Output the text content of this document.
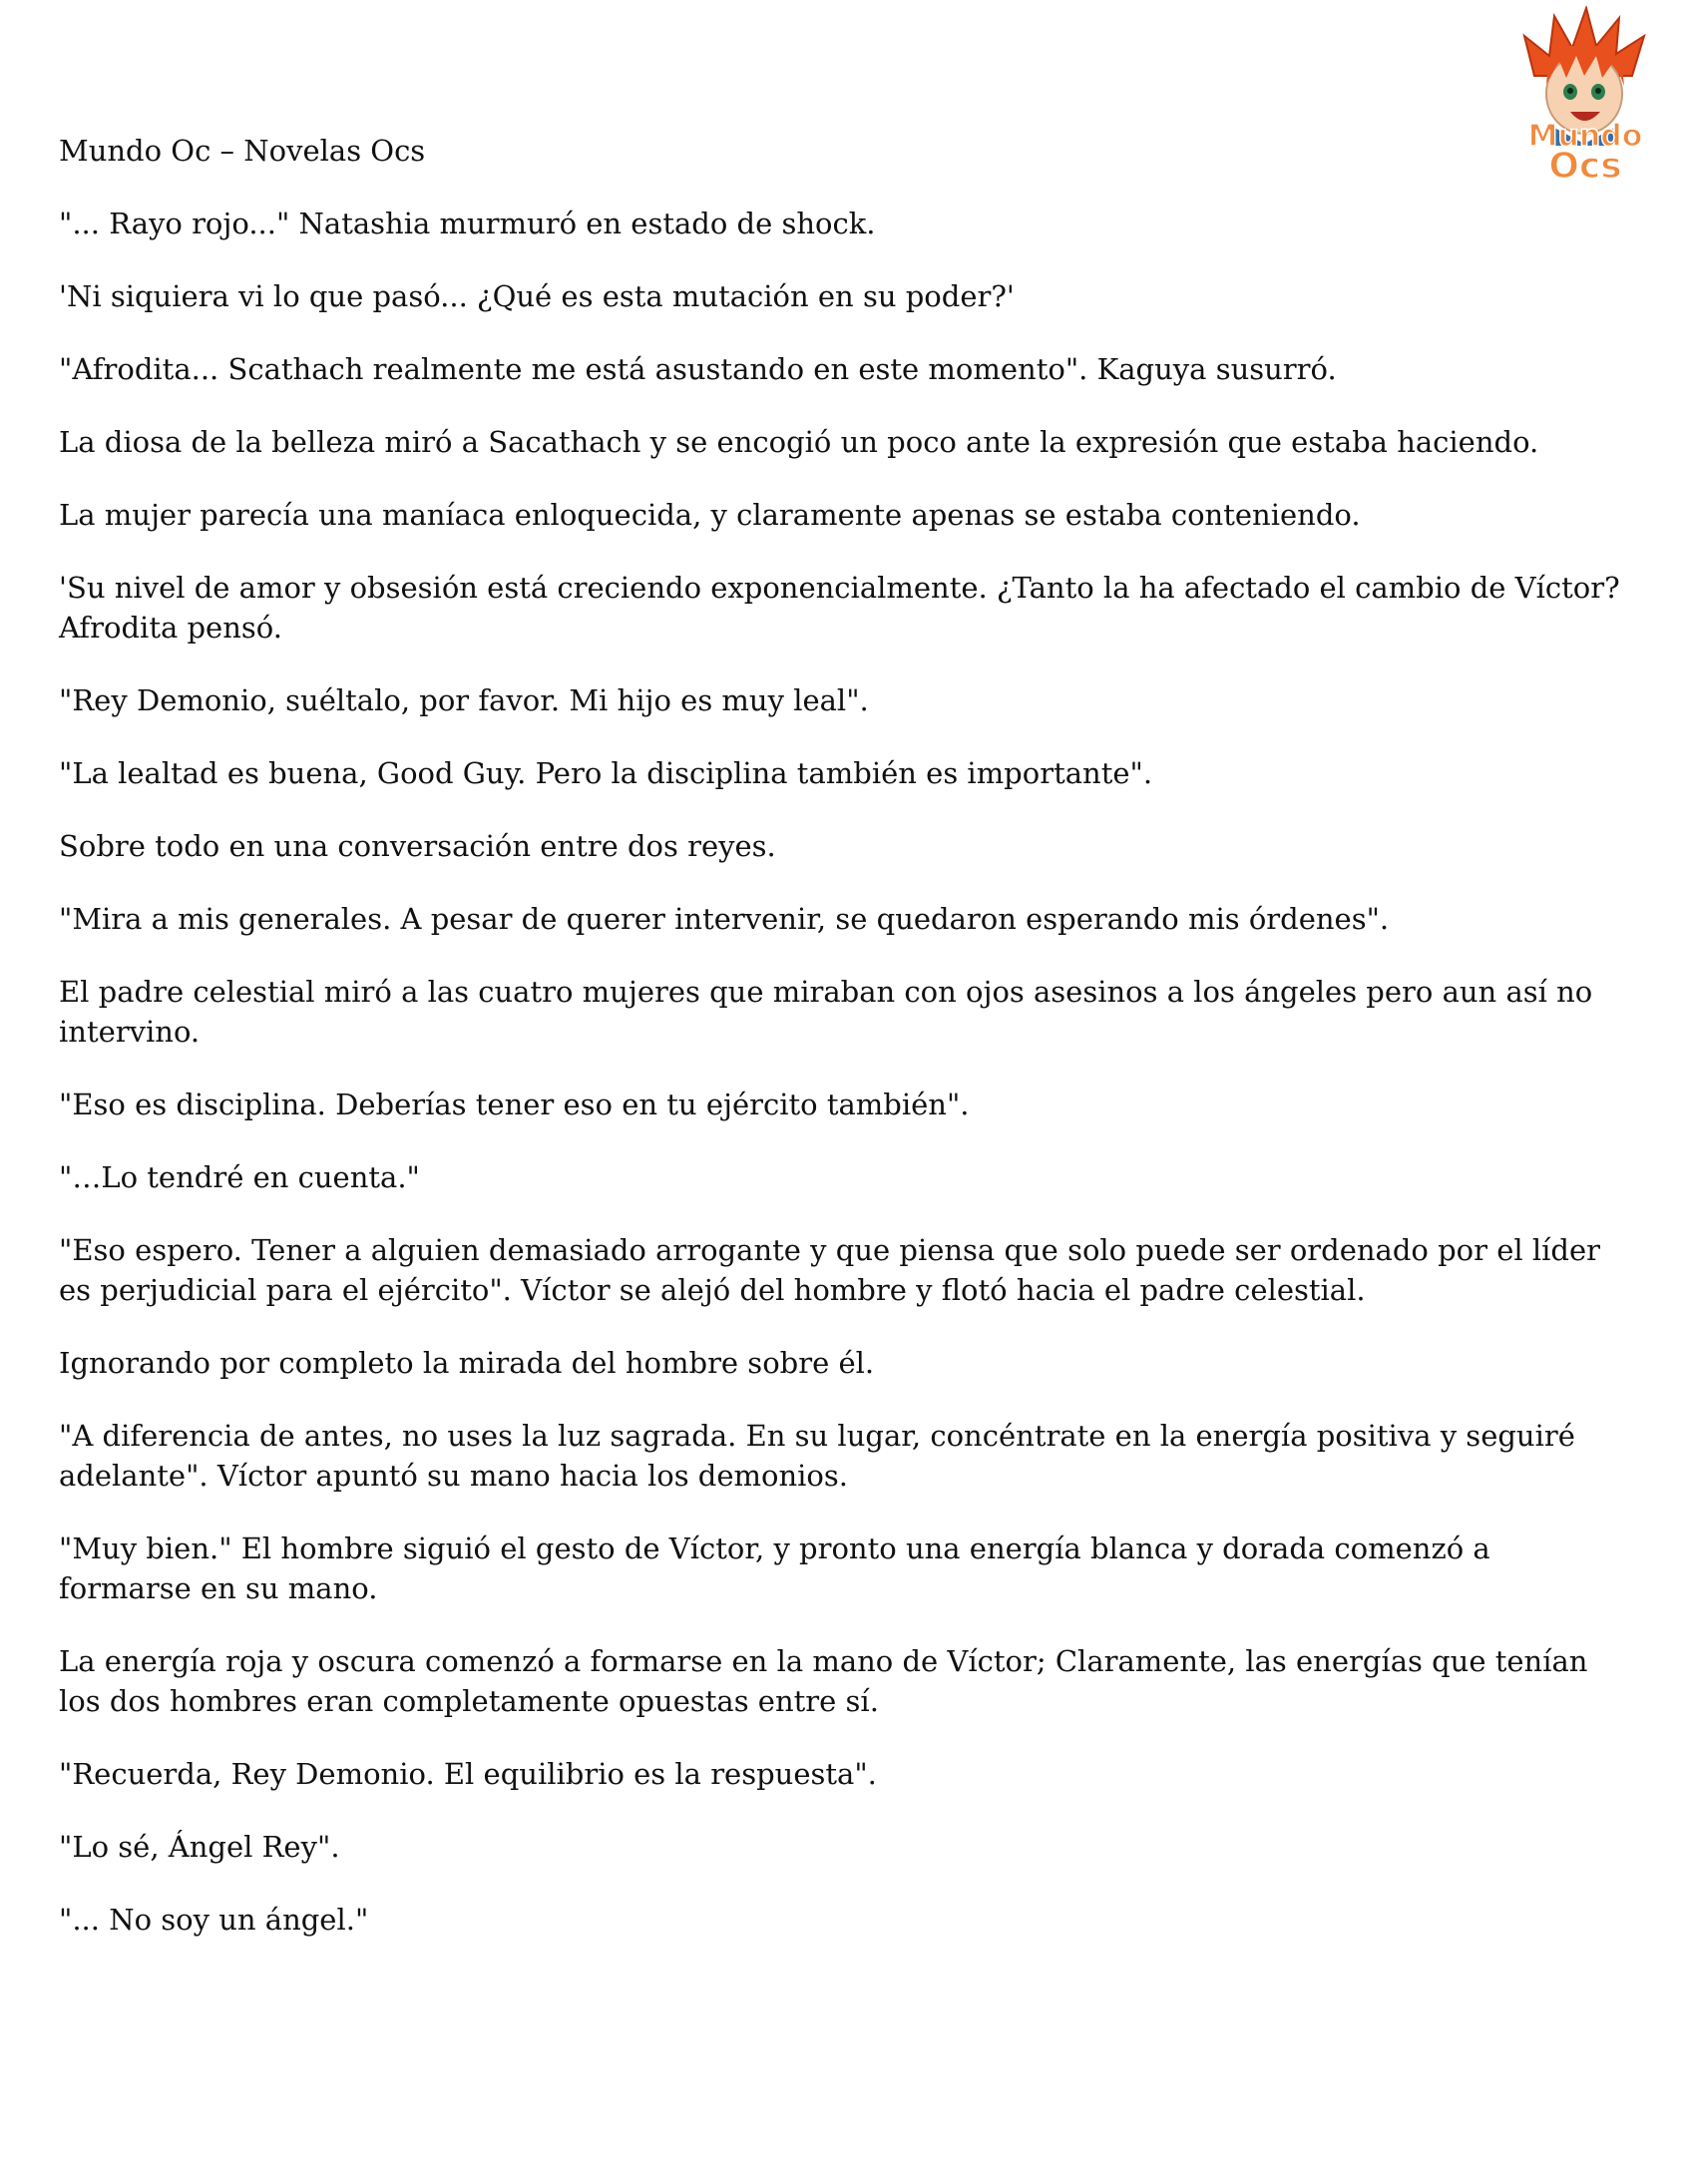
Mundo
Ocs
Mundo Oc – Novelas Ocs

"... Rayo rojo..." Natashia murmuró en estado de shock.

'Ni siquiera vi lo que pasó... ¿Qué es esta mutación en su poder?'

"Afrodita... Scathach realmente me está asustando en este momento". Kaguya susurró.

La diosa de la belleza miró a Sacathach y se encogió un poco ante la expresión que estaba haciendo.

La mujer parecía una maníaca enloquecida, y claramente apenas se estaba conteniendo.

'Su nivel de amor y obsesión está creciendo exponencialmente. ¿Tanto la ha afectado el cambio de Víctor? Afrodita pensó.

"Rey Demonio, suéltalo, por favor. Mi hijo es muy leal".

"La lealtad es buena, Good Guy. Pero la disciplina también es importante".

Sobre todo en una conversación entre dos reyes.

"Mira a mis generales. A pesar de querer intervenir, se quedaron esperando mis órdenes".

El padre celestial miró a las cuatro mujeres que miraban con ojos asesinos a los ángeles pero aun así no intervino.

"Eso es disciplina. Deberías tener eso en tu ejército también".

"…Lo tendré en cuenta."

"Eso espero. Tener a alguien demasiado arrogante y que piensa que solo puede ser ordenado por el líder es perjudicial para el ejército". Víctor se alejó del hombre y flotó hacia el padre celestial.

Ignorando por completo la mirada del hombre sobre él.

"A diferencia de antes, no uses la luz sagrada. En su lugar, concéntrate en la energía positiva y seguiré adelante". Víctor apuntó su mano hacia los demonios.

"Muy bien." El hombre siguió el gesto de Víctor, y pronto una energía blanca y dorada comenzó a formarse en su mano.

La energía roja y oscura comenzó a formarse en la mano de Víctor; Claramente, las energías que tenían los dos hombres eran completamente opuestas entre sí.

"Recuerda, Rey Demonio. El equilibrio es la respuesta".

"Lo sé, Ángel Rey".

"... No soy un ángel."
